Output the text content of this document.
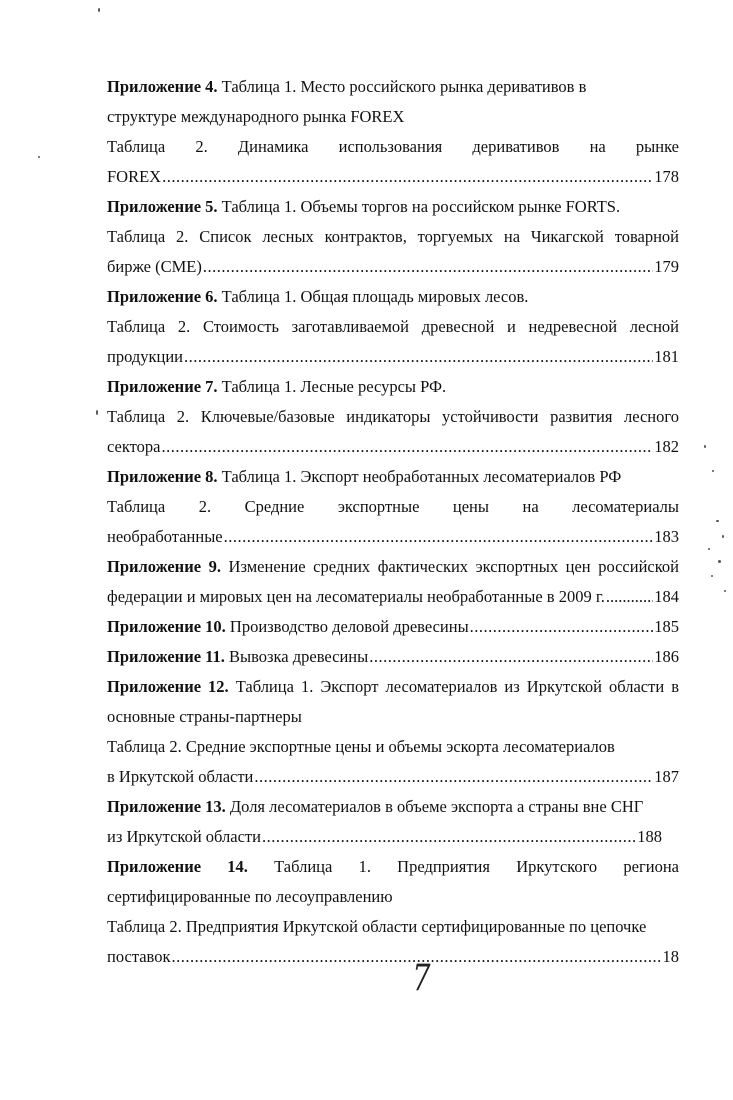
Приложение 4. Таблица 1. Место российского рынка деривативов в
структуре международного рынка FOREX
Таблица 2. Динамика использования деривативов на рынке
FOREX .....	178
Приложение 5. Таблица 1. Объемы торгов на российском рынке FORTS.
Таблица 2. Список лесных контрактов, торгуемых на Чикагской товарной
бирже (CME) .....	179
Приложение 6. Таблица 1. Общая площадь мировых лесов.
Таблица 2. Стоимость заготавливаемой древесной и недревесной лесной
продукции .....	181
Приложение 7. Таблица 1. Лесные ресурсы РФ.
Таблица 2. Ключевые/базовые индикаторы устойчивости развития лесного
сектора .....	182
Приложение 8. Таблица 1. Экспорт необработанных лесоматериалов РФ
Таблица 2. Средние экспортные цены на лесоматериалы
необработанные .....	183
Приложение 9. Изменение средних фактических экспортных цен российской
федерации и мировых цен на лесоматериалы необработанные в 2009 г. .....	184
Приложение 10. Производство деловой древесины .....	185
Приложение 11. Вывозка древесины .....	186
Приложение 12. Таблица 1. Экспорт лесоматериалов из Иркутской области в
основные страны-партнеры
Таблица 2. Средние экспортные цены и объемы эскорта лесоматериалов
в Иркутской области .....	187
Приложение 13. Доля лесоматериалов в объеме экспорта а страны вне СНГ
из Иркутской области .....	188
Приложение 14. Таблица 1. Предприятия Иркутского региона
сертифицированные по лесоуправлению
Таблица 2. Предприятия Иркутской области сертифицированные по цепочке
поставок .....	18
7
